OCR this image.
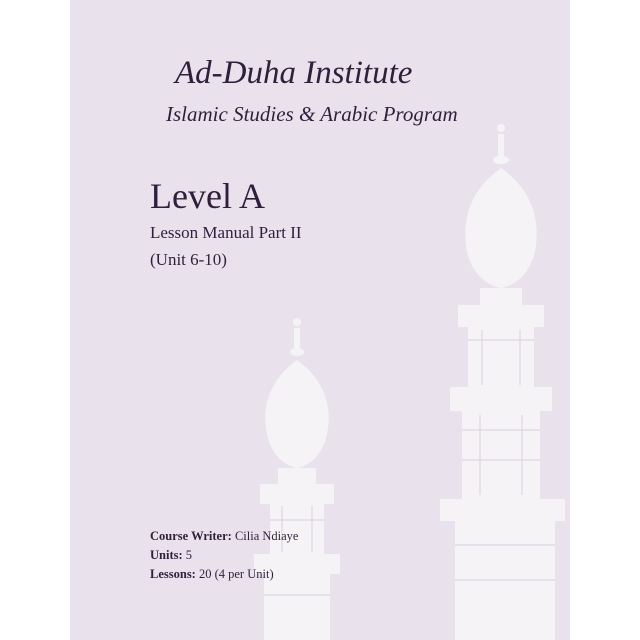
Ad-Duha Institute
Islamic Studies & Arabic Program
Level A
Lesson Manual Part II
(Unit 6-10)
Course Writer: Cilia Ndiaye
Units: 5
Lessons: 20 (4 per Unit)
